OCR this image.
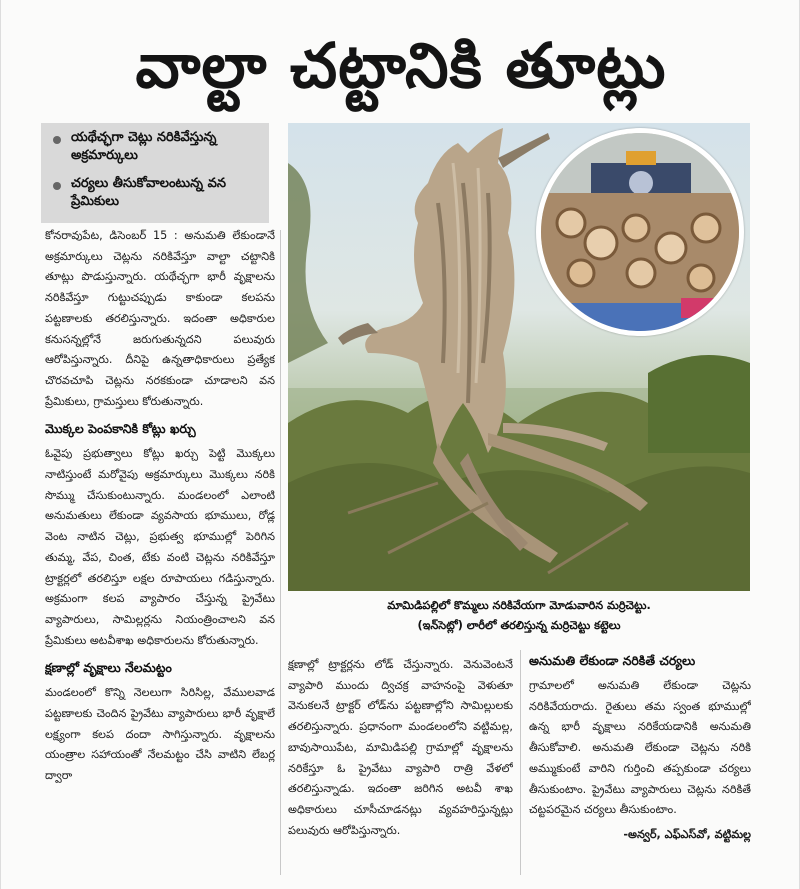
వాల్టా చట్టానికి తూట్లు
యథేచ్ఛగా చెట్లు నరికివేస్తున్న అక్రమార్కులు
చర్యలు తీసుకోవాలంటున్న వన ప్రేమికులు

కోనరావుపేట, డిసెంబర్ 15 : అనుమతి లేకుండానే అక్రమార్కులు చెట్లను నరికివేస్తూ వాల్టా చట్టానికి తూట్లు పొడుస్తున్నారు. యథేచ్ఛగా భారీ వృక్షాలను నరికివేస్తూ గుట్టుచప్పుడు కాకుండా కలపను పట్టణాలకు తరలిస్తున్నారు. ఇదంతా అధికారుల కనుసన్నల్లోనే జరుగుతున్నదని పలువురు ఆరోపిస్తున్నారు. దీనిపై ఉన్నతాధికారులు ప్రత్యేక చొరవచూపి చెట్లను నరకకుండా చూడాలని వన ప్రేమికులు, గ్రామస్తులు కోరుతున్నారు.

మొక్కల పెంపకానికి కోట్లు ఖర్చు

ఓవైపు ప్రభుత్వాలు కోట్లు ఖర్చు పెట్టి మొక్కలు నాటిస్తుంటే మరోవైపు అక్రమార్కులు మొక్కలు నరికి సొమ్ము చేసుకుంటున్నారు. మండలంలో ఎలాంటి అనుమతులు లేకుండా వ్యవసాయ భూములు, రోడ్ల వెంట నాటిన చెట్లు, ప్రభుత్వ భూముల్లో పెరిగిన తుమ్మ, వేప, చింత, టేకు వంటి చెట్లను నరికివేస్తూ ట్రాక్టర్లలో తరలిస్తూ లక్షల రూపాయలు గడిస్తున్నారు. అక్రమంగా కలప వ్యాపారం చేస్తున్న ప్రైవేటు వ్యాపారులు, సామిల్లర్లను నియంత్రించాలని వన ప్రేమికులు అటవీశాఖ అధికారులను కోరుతున్నారు.

క్షణాల్లో వృక్షాలు నేలమట్టం

మండలంలో కొన్ని నెలలుగా సిరిసిల్ల, వేములవాడ పట్టణాలకు చెందిన ప్రైవేటు వ్యాపారులు భారీ వృక్షాలే లక్ష్యంగా కలప దందా సాగిస్తున్నారు. వృక్షాలను యంత్రాల సహాయంతో నేలమట్టం చేసి వాటిని లేబర్ల ద్వారా

మామిడిపల్లిలో కొమ్మలు నరికివేయగా మోడువారిన మర్రిచెట్టు.
(ఇన్‌సెట్లో) లారీలో తరలిస్తున్న మర్రిచెట్టు కట్టెలు

క్షణాల్లో ట్రాక్టర్లను లోడ్ చేస్తున్నారు. వెనువెంటనే వ్యాపారి ముందు ద్విచక్ర వాహనంపై వెళుతూ వెనుకలనే ట్రాక్టర్ లోడ్‌ను పట్టణాల్లోని సామిల్లులకు తరలిస్తున్నారు. ప్రధానంగా మండలంలోని వట్టిమల్ల, బావుసాయిపేట, మామిడిపల్లి గ్రామాల్లో వృక్షాలను నరికేస్తూ ఓ ప్రైవేటు వ్యాపారి రాత్రి వేళలో తరలిస్తున్నాడు. ఇదంతా జరిగిన అటవీ శాఖ అధికారులు చూసీచూడనట్లు వ్యవహరిస్తున్నట్లు పలువురు ఆరోపిస్తున్నారు.

అనుమతి లేకుండా నరికితే చర్యలు

గ్రామాలలో అనుమతి లేకుండా చెట్లను నరికివేయరాదు. రైతులు తమ స్వంత భూముల్లో ఉన్న భారీ వృక్షాలు నరికేయడానికి అనుమతి తీసుకోవాలి. అనుమతి లేకుండా చెట్లను నరికి అమ్ముకుంటే వారిని గుర్తించి తప్పకుండా చర్యలు తీసుకుంటాం. ప్రైవేటు వ్యాపారులు చెట్లను నరికితే చట్టపరమైన చర్యలు తీసుకుంటాం.

-అన్వర్, ఎఫ్‌ఎస్‌వో, వట్టిమల్ల
